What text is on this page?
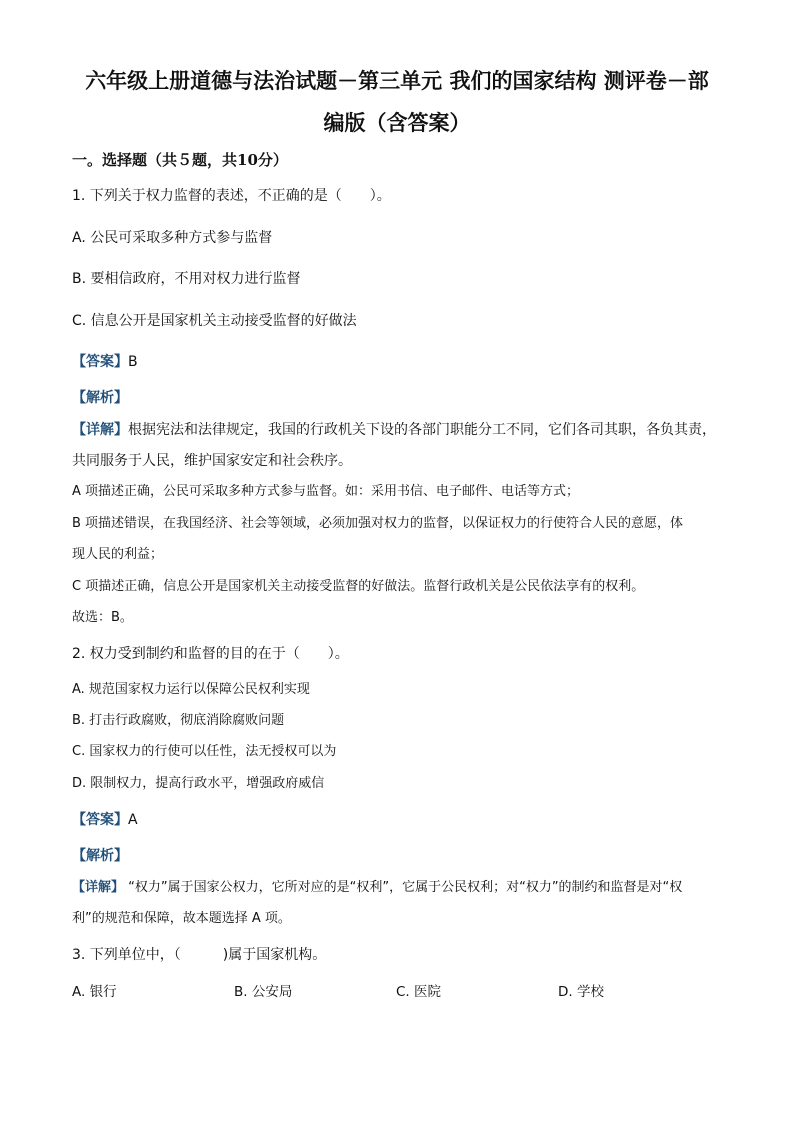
六年级上册道德与法治试题－第三单元 我们的国家结构 测评卷－部
编版（含答案）
一。选择题（共５题，共10分）
1. 下列关于权力监督的表述，不正确的是（　　）。
A. 公民可采取多种方式参与监督
B. 要相信政府，不用对权力进行监督
C. 信息公开是国家机关主动接受监督的好做法
【答案】B
【解析】
【详解】根据宪法和法律规定，我国的行政机关下设的各部门职能分工不同，它们各司其职，各负其责，
共同服务于人民，维护国家安定和社会秩序。
A 项描述正确，公民可采取多种方式参与监督。如：采用书信、电子邮件、电话等方式；
B 项描述错误，在我国经济、社会等领域，必须加强对权力的监督，以保证权力的行使符合人民的意愿，体
现人民的利益；
C 项描述正确，信息公开是国家机关主动接受监督的好做法。监督行政机关是公民依法享有的权利。
故选：B。
2. 权力受到制约和监督的目的在于（　　）。
A. 规范国家权力运行以保障公民权利实现
B. 打击行政腐败，彻底消除腐败问题
C. 国家权力的行使可以任性，法无授权可以为
D. 限制权力，提高行政水平，增强政府威信
【答案】A
【解析】
【详解】 “权力”属于国家公权力，它所对应的是“权利”，它属于公民权利；对“权力”的制约和监督是对“权
利”的规范和保障，故本题选择 A 项。
3. 下列单位中，（　　　)属于国家机构。
A. 银行	B. 公安局	C. 医院	D. 学校
